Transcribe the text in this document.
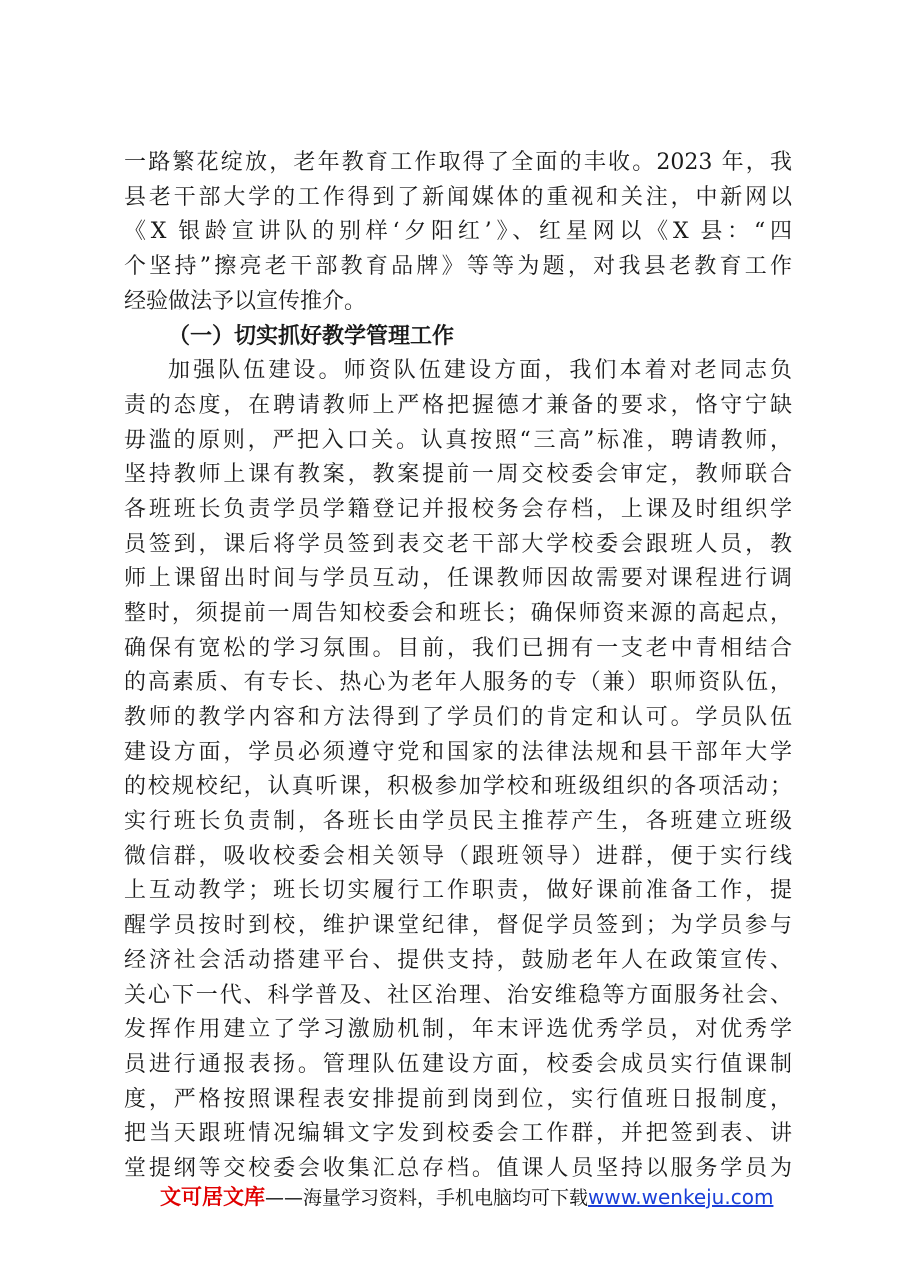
一路繁花绽放，老年教育工作取得了全面的丰收。2023 年，我
县老干部大学的工作得到了新闻媒体的重视和关注，中新网以
《X 银龄宣讲队的别样‘夕阳红’》、红星网以《X 县：“四
个坚持”擦亮老干部教育品牌》等等为题，对我县老教育工作
经验做法予以宣传推介。
（一）切实抓好教学管理工作
加强队伍建设。师资队伍建设方面，我们本着对老同志负
责的态度，在聘请教师上严格把握德才兼备的要求，恪守宁缺
毋滥的原则，严把入口关。认真按照“三高”标准，聘请教师，
坚持教师上课有教案，教案提前一周交校委会审定，教师联合
各班班长负责学员学籍登记并报校务会存档，上课及时组织学
员签到，课后将学员签到表交老干部大学校委会跟班人员，教
师上课留出时间与学员互动，任课教师因故需要对课程进行调
整时，须提前一周告知校委会和班长；确保师资来源的高起点，
确保有宽松的学习氛围。目前，我们已拥有一支老中青相结合
的高素质、有专长、热心为老年人服务的专（兼）职师资队伍，
教师的教学内容和方法得到了学员们的肯定和认可。学员队伍
建设方面，学员必须遵守党和国家的法律法规和县干部年大学
的校规校纪，认真听课，积极参加学校和班级组织的各项活动；
实行班长负责制，各班长由学员民主推荐产生，各班建立班级
微信群，吸收校委会相关领导（跟班领导）进群，便于实行线
上互动教学；班长切实履行工作职责，做好课前准备工作，提
醒学员按时到校，维护课堂纪律，督促学员签到；为学员参与
经济社会活动搭建平台、提供支持，鼓励老年人在政策宣传、
关心下一代、科学普及、社区治理、治安维稳等方面服务社会、
发挥作用建立了学习激励机制，年末评选优秀学员，对优秀学
员进行通报表扬。管理队伍建设方面，校委会成员实行值课制
度，严格按照课程表安排提前到岗到位，实行值班日报制度，
把当天跟班情况编辑文字发到校委会工作群，并把签到表、讲
堂提纲等交校委会收集汇总存档。值课人员坚持以服务学员为
文可居文库——海量学习资料，手机电脑均可下载www.wenkeju.com
